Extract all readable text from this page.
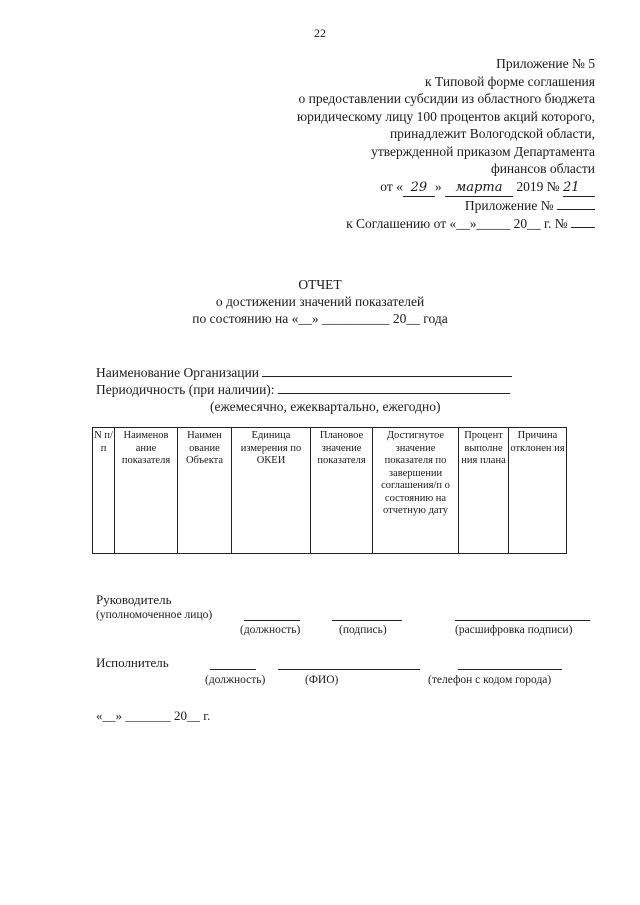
22
Приложение № 5
к Типовой форме соглашения
о предоставлении субсидии из областного бюджета
юридическому лицу 100 процентов акций которого,
принадлежит Вологодской области,
утвержденной приказом Департамента
финансов области
от « 29 » марта 2019 № 21
Приложение №
к Соглашению от «__»_____ 20__ г. №
ОТЧЕТ
о достижении значений показателей
по состоянию на «__» __________ 20__ года
Наименование Организации
Периодичность (при наличии):
(ежемесячно, ежеквартально, ежегодно)
N п/п	Наименов ание показателя	Наимен ование Объекта	Единица измерения по ОКЕИ	Плановое значение показателя	Достигнутое значение показателя по завершении соглашения/п о состоянию на отчетную дату	Процент выполне ния плана	Причина отклонен ия
Руководитель
(уполномоченное лицо)
(должность)	(подпись)	(расшифровка подписи)
Исполнитель
(должность)	(ФИО)	(телефон с кодом города)
«__» _______ 20__ г.
